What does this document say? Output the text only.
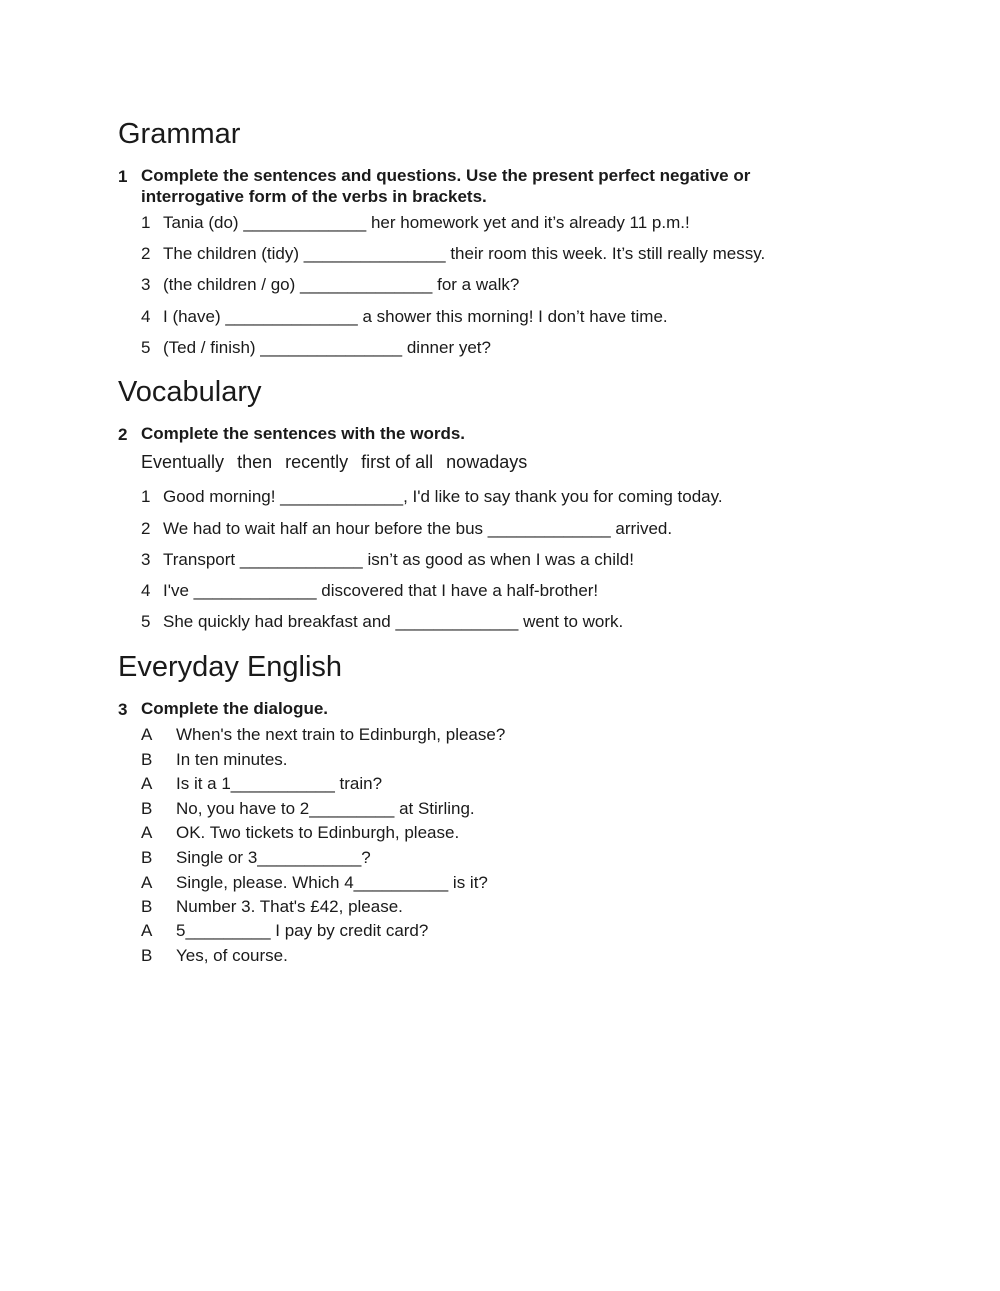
Grammar
1 Complete the sentences and questions. Use the present perfect negative or interrogative form of the verbs in brackets.

1 Tania (do) _____________ her homework yet and it’s already 11 p.m.!
2 The children (tidy) _______________ their room this week. It’s still really messy.
3 (the children / go) ______________ for a walk?
4 I (have) ______________ a shower this morning! I don’t have time.
5 (Ted / finish) _______________ dinner yet?
Vocabulary
2 Complete the sentences with the words.

Eventually then recently first of all nowadays
1 Good morning! _____________, I'd like to say thank you for coming today.
2 We had to wait half an hour before the bus _____________ arrived.
3 Transport _____________ isn’t as good as when I was a child!
4 I've _____________ discovered that I have a half-brother!
5 She quickly had breakfast and _____________ went to work.
Everyday English
3 Complete the dialogue.

A When's the next train to Edinburgh, please?
B In ten minutes.
A Is it a 1___________ train?
B No, you have to 2_________ at Stirling.
A OK. Two tickets to Edinburgh, please.
B Single or 3___________?
A Single, please. Which 4__________ is it?
B Number 3. That's £42, please.
A 5_________ I pay by credit card?
B Yes, of course.
